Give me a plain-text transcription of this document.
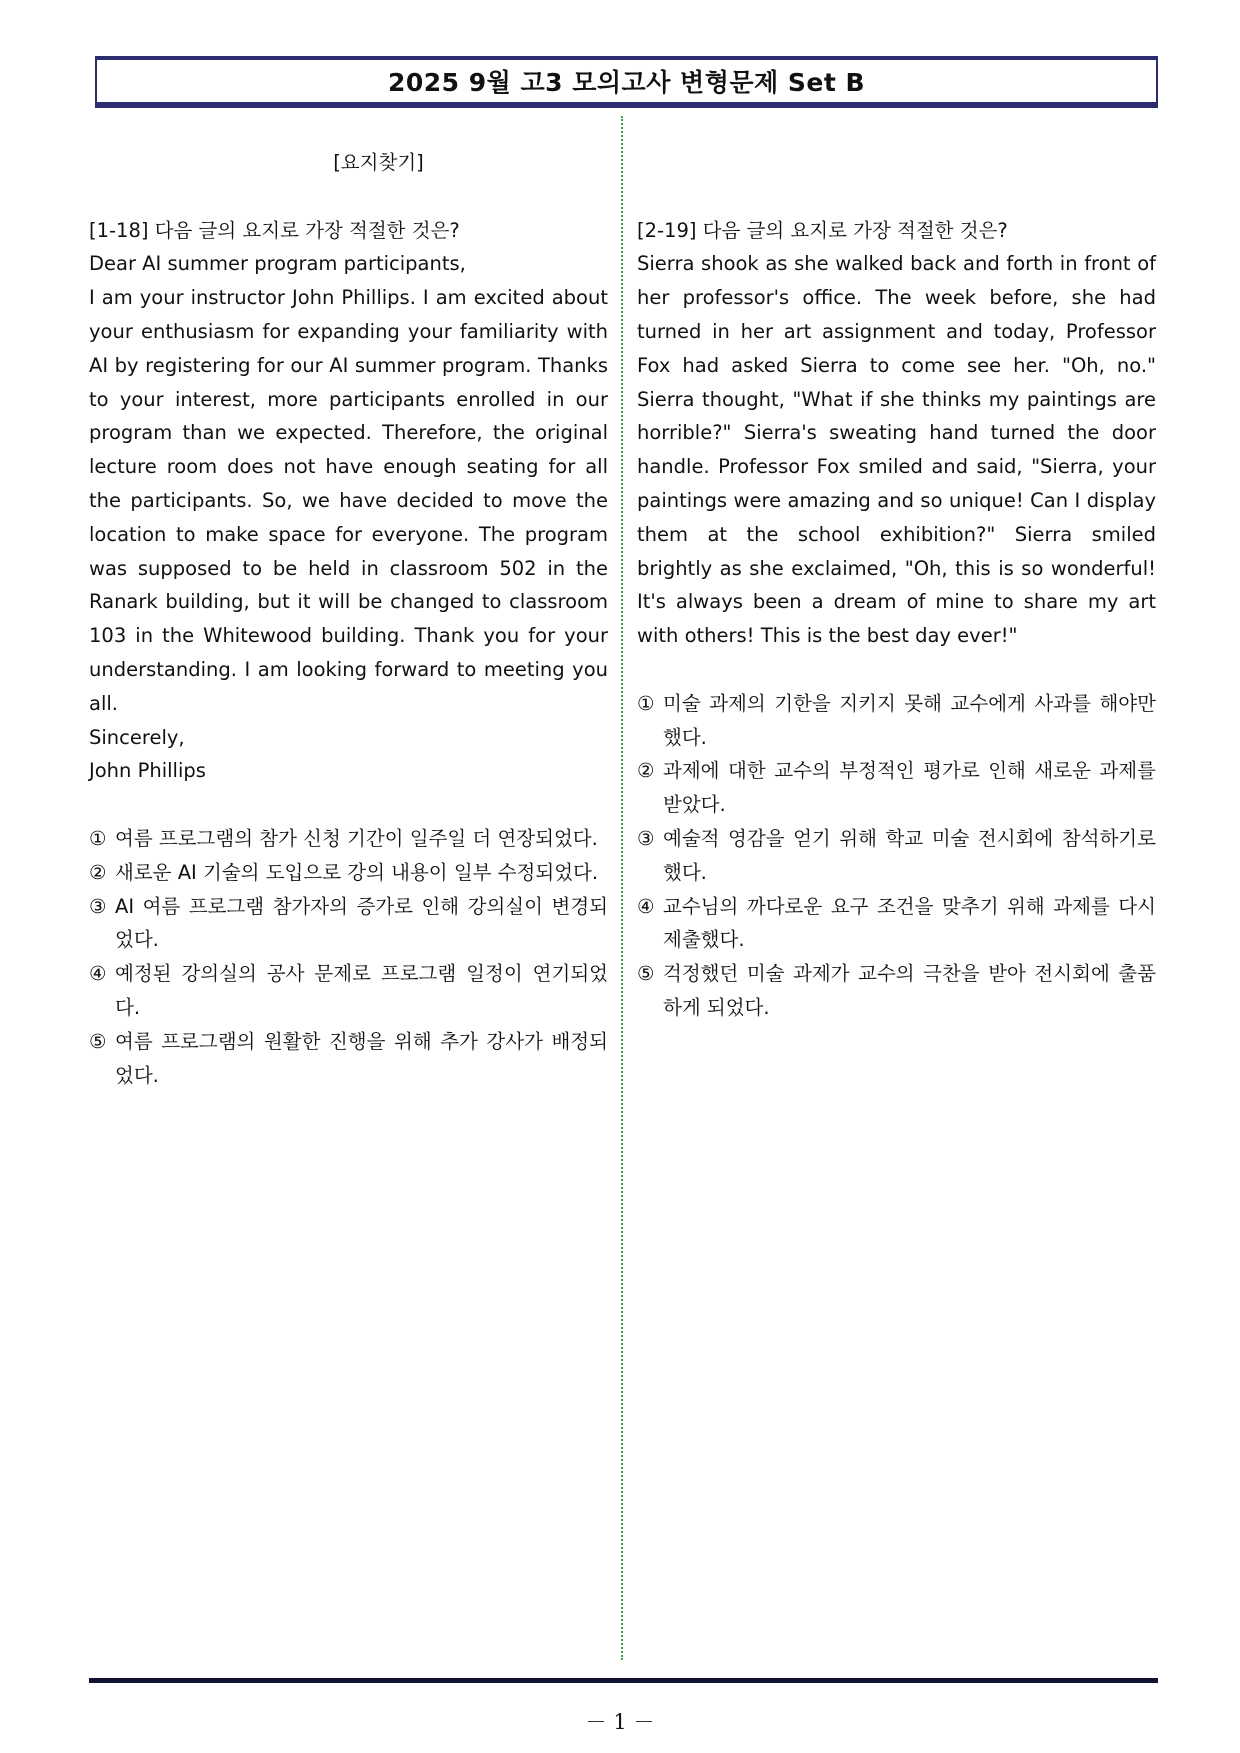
2025 9월 고3 모의고사 변형문제 Set B
[요지찾기]
[1-18] 다음 글의 요지로 가장 적절한 것은?

Dear AI summer program participants,

I am your instructor John Phillips. I am excited about your enthusiasm for expanding your familiarity with AI by registering for our AI summer program. Thanks to your interest, more participants enrolled in our program than we expected. Therefore, the original lecture room does not have enough seating for all the participants. So, we have decided to move the location to make space for everyone. The program was supposed to be held in classroom 502 in the Ranark building, but it will be changed to classroom 103 in the Whitewood building. Thank you for your understanding. I am looking forward to meeting you all.

Sincerely,

John Phillips

① 여름 프로그램의 참가 신청 기간이 일주일 더 연장되었다.
② 새로운 AI 기술의 도입으로 강의 내용이 일부 수정되었다.
③ AI 여름 프로그램 참가자의 증가로 인해 강의실이 변경되었다.
④ 예정된 강의실의 공사 문제로 프로그램 일정이 연기되었다.
⑤ 여름 프로그램의 원활한 진행을 위해 추가 강사가 배정되었다.
[2-19] 다음 글의 요지로 가장 적절한 것은?

Sierra shook as she walked back and forth in front of her professor's office. The week before, she had turned in her art assignment and today, Professor Fox had asked Sierra to come see her. "Oh, no." Sierra thought, "What if she thinks my paintings are horrible?" Sierra's sweating hand turned the door handle. Professor Fox smiled and said, "Sierra, your paintings were amazing and so unique! Can I display them at the school exhibition?" Sierra smiled brightly as she exclaimed, "Oh, this is so wonderful! It's always been a dream of mine to share my art with others! This is the best day ever!"

① 미술 과제의 기한을 지키지 못해 교수에게 사과를 해야만 했다.
② 과제에 대한 교수의 부정적인 평가로 인해 새로운 과제를 받았다.
③ 예술적 영감을 얻기 위해 학교 미술 전시회에 참석하기로 했다.
④ 교수님의 까다로운 요구 조건을 맞추기 위해 과제를 다시 제출했다.
⑤ 걱정했던 미술 과제가 교수의 극찬을 받아 전시회에 출품하게 되었다.
－ 1 －
